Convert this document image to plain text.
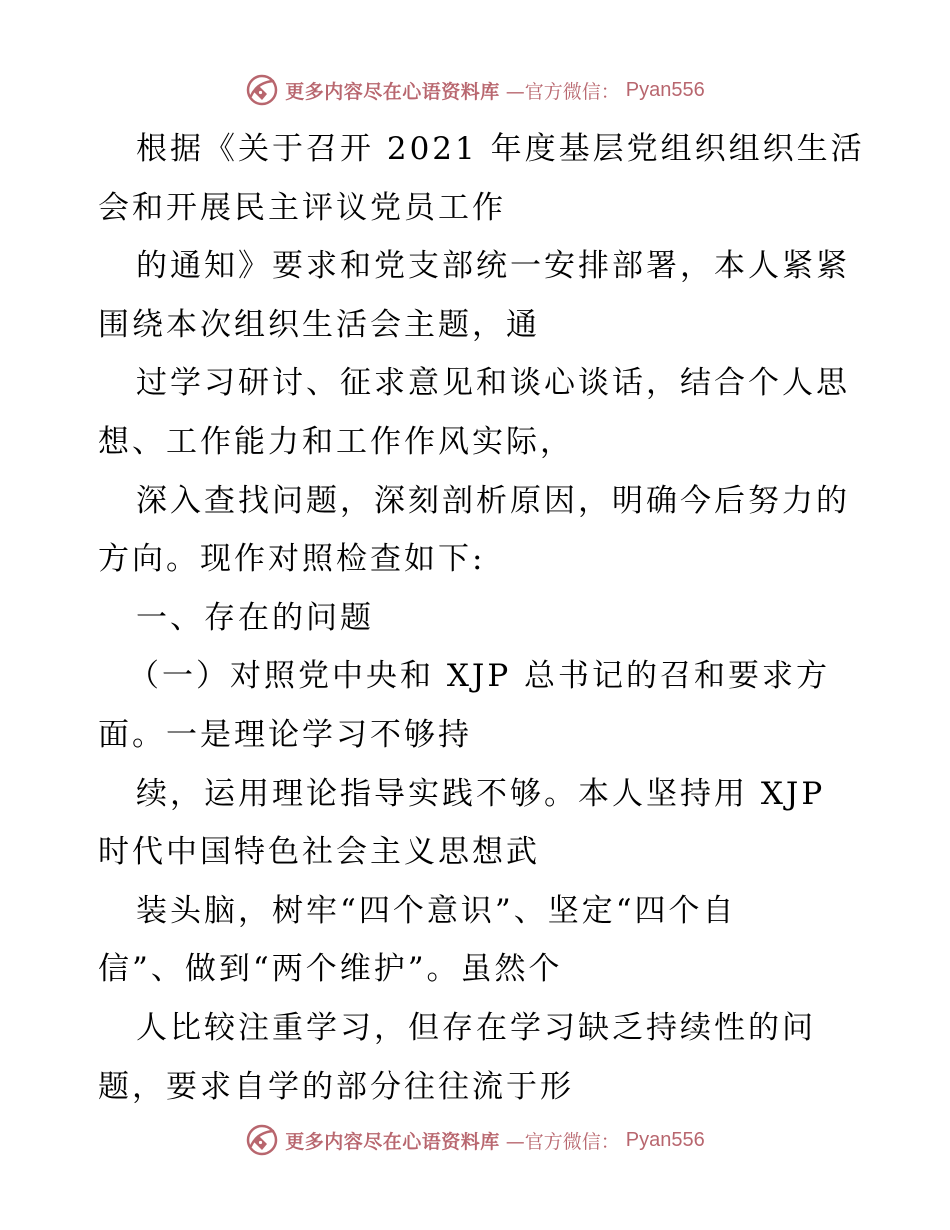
更多内容尽在心语资料库 —官方微信： Pyan556
根据《关于召开 2021 年度基层党组织组织生活
会和开展民主评议党员工作
的通知》要求和党支部统一安排部署，本人紧紧
围绕本次组织生活会主题，通
过学习研讨、征求意见和谈心谈话，结合个人思
想、工作能力和工作作风实际，
深入查找问题，深刻剖析原因，明确今后努力的
方向。现作对照检查如下:
一、存在的问题
（一）对照党中央和 XJP 总书记的召和要求方
面。一是理论学习不够持
续，运用理论指导实践不够。本人坚持用 XJP
时代中国特色社会主义思想武
装头脑，树牢“四个意识”、坚定“四个自
信”、做到“两个维护”。虽然个
人比较注重学习，但存在学习缺乏持续性的问
题，要求自学的部分往往流于形
更多内容尽在心语资料库 —官方微信： Pyan556
